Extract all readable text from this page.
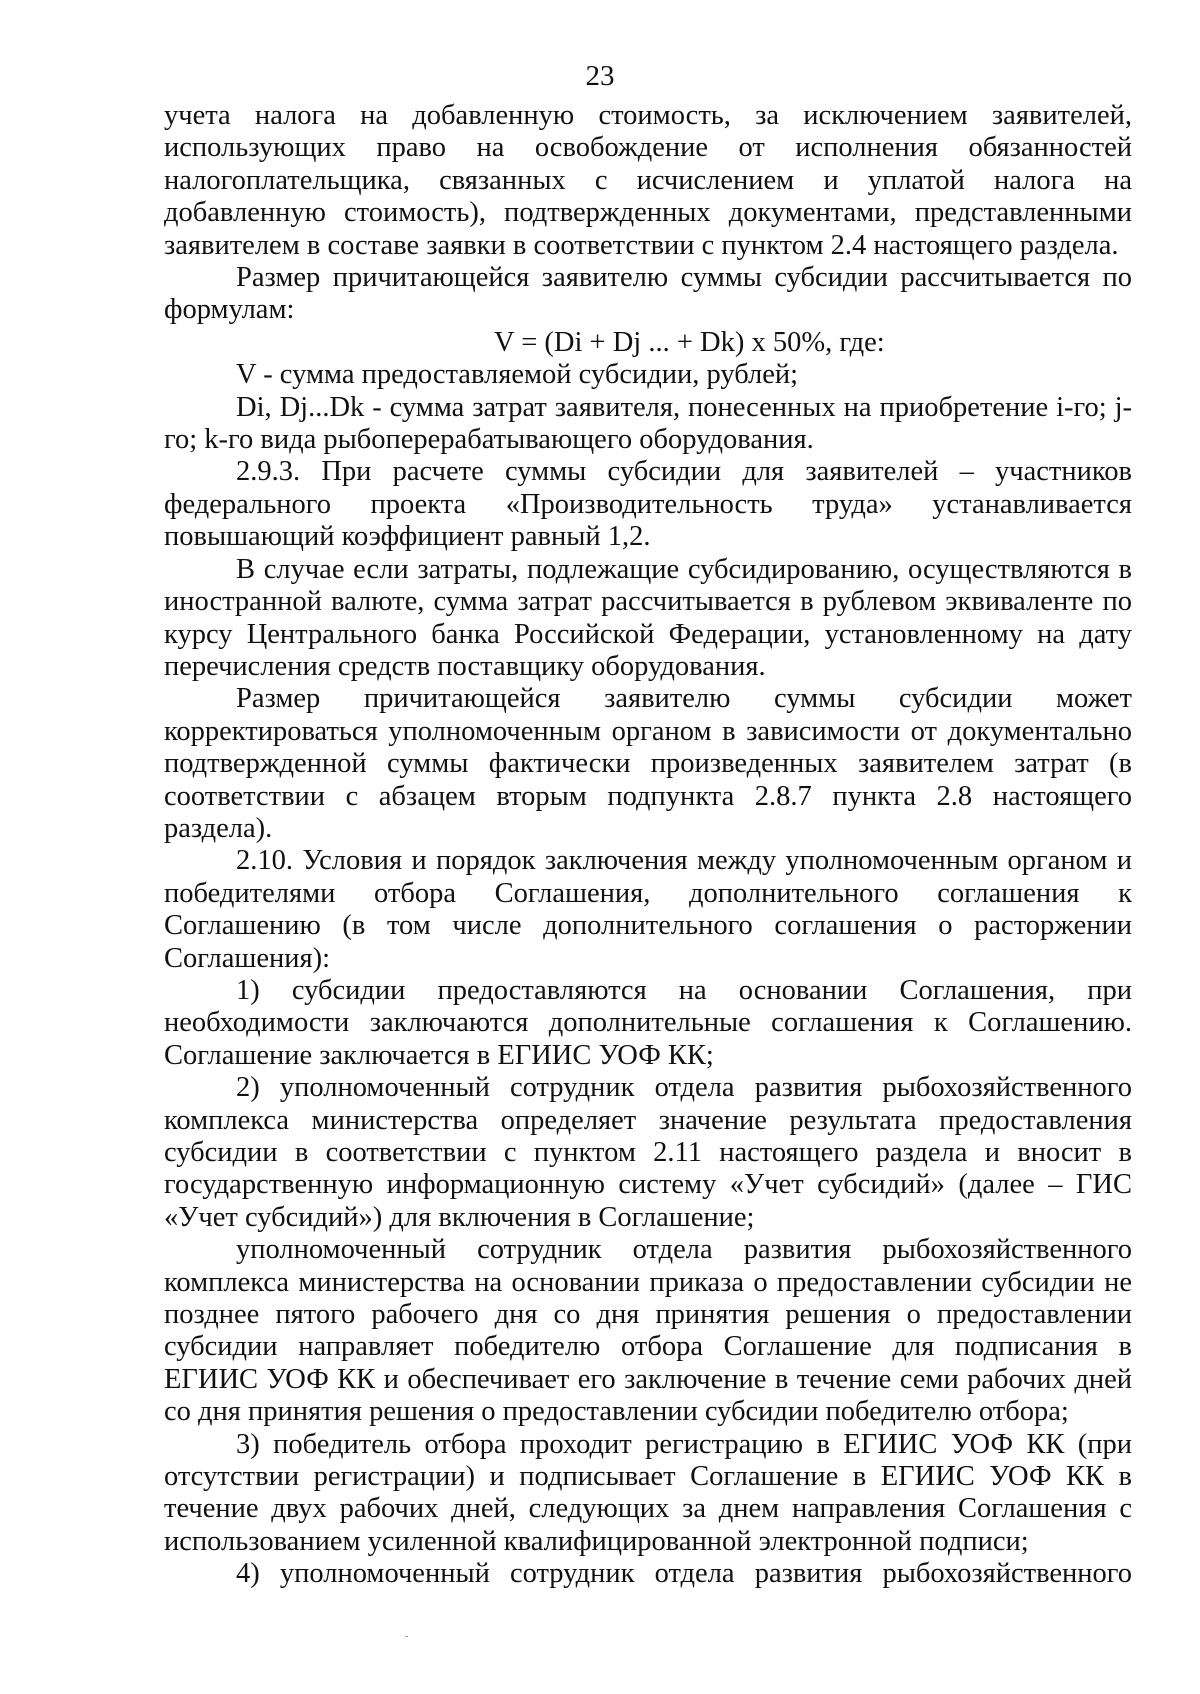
23

учета налога на добавленную стоимость, за исключением заявителей, использующих право на освобождение от исполнения обязанностей налогоплательщика, связанных с исчислением и уплатой налога на добавленную стоимость), подтвержденных документами, представленными заявителем в составе заявки в соответствии с пунктом 2.4 настоящего раздела.

Размер причитающейся заявителю суммы субсидии рассчитывается по формулам:

V = (Di + Dj ... + Dk) x 50%, где:

V - сумма предоставляемой субсидии, рублей;

Di, Dj...Dk - сумма затрат заявителя, понесенных на приобретение i-го; j-го; k-го вида рыбоперерабатывающего оборудования.

2.9.3. При расчете суммы субсидии для заявителей – участников федерального проекта «Производительность труда» устанавливается повышающий коэффициент равный 1,2.

В случае если затраты, подлежащие субсидированию, осуществляются в иностранной валюте, сумма затрат рассчитывается в рублевом эквиваленте по курсу Центрального банка Российской Федерации, установленному на дату перечисления средств поставщику оборудования.

Размер причитающейся заявителю суммы субсидии может корректироваться уполномоченным органом в зависимости от документально подтвержденной суммы фактически произведенных заявителем затрат (в соответствии с абзацем вторым подпункта 2.8.7 пункта 2.8 настоящего раздела).

2.10. Условия и порядок заключения между уполномоченным органом и победителями отбора Соглашения, дополнительного соглашения к Соглашению (в том числе дополнительного соглашения о расторжении Соглашения):

1) субсидии предоставляются на основании Соглашения, при необходимости заключаются дополнительные соглашения к Соглашению. Соглашение заключается в ЕГИИС УОФ КК;

2) уполномоченный сотрудник отдела развития рыбохозяйственного комплекса министерства определяет значение результата предоставления субсидии в соответствии с пунктом 2.11 настоящего раздела и вносит в государственную информационную систему «Учет субсидий» (далее – ГИС «Учет субсидий») для включения в Соглашение;

уполномоченный сотрудник отдела развития рыбохозяйственного комплекса министерства на основании приказа о предоставлении субсидии не позднее пятого рабочего дня со дня принятия решения о предоставлении субсидии направляет победителю отбора Соглашение для подписания в ЕГИИС УОФ КК и обеспечивает его заключение в течение семи рабочих дней со дня принятия решения о предоставлении субсидии победителю отбора;

3) победитель отбора проходит регистрацию в ЕГИИС УОФ КК (при отсутствии регистрации) и подписывает Соглашение в ЕГИИС УОФ КК в течение двух рабочих дней, следующих за днем направления Соглашения с использованием усиленной квалифицированной электронной подписи;

4) уполномоченный сотрудник отдела развития рыбохозяйственного
